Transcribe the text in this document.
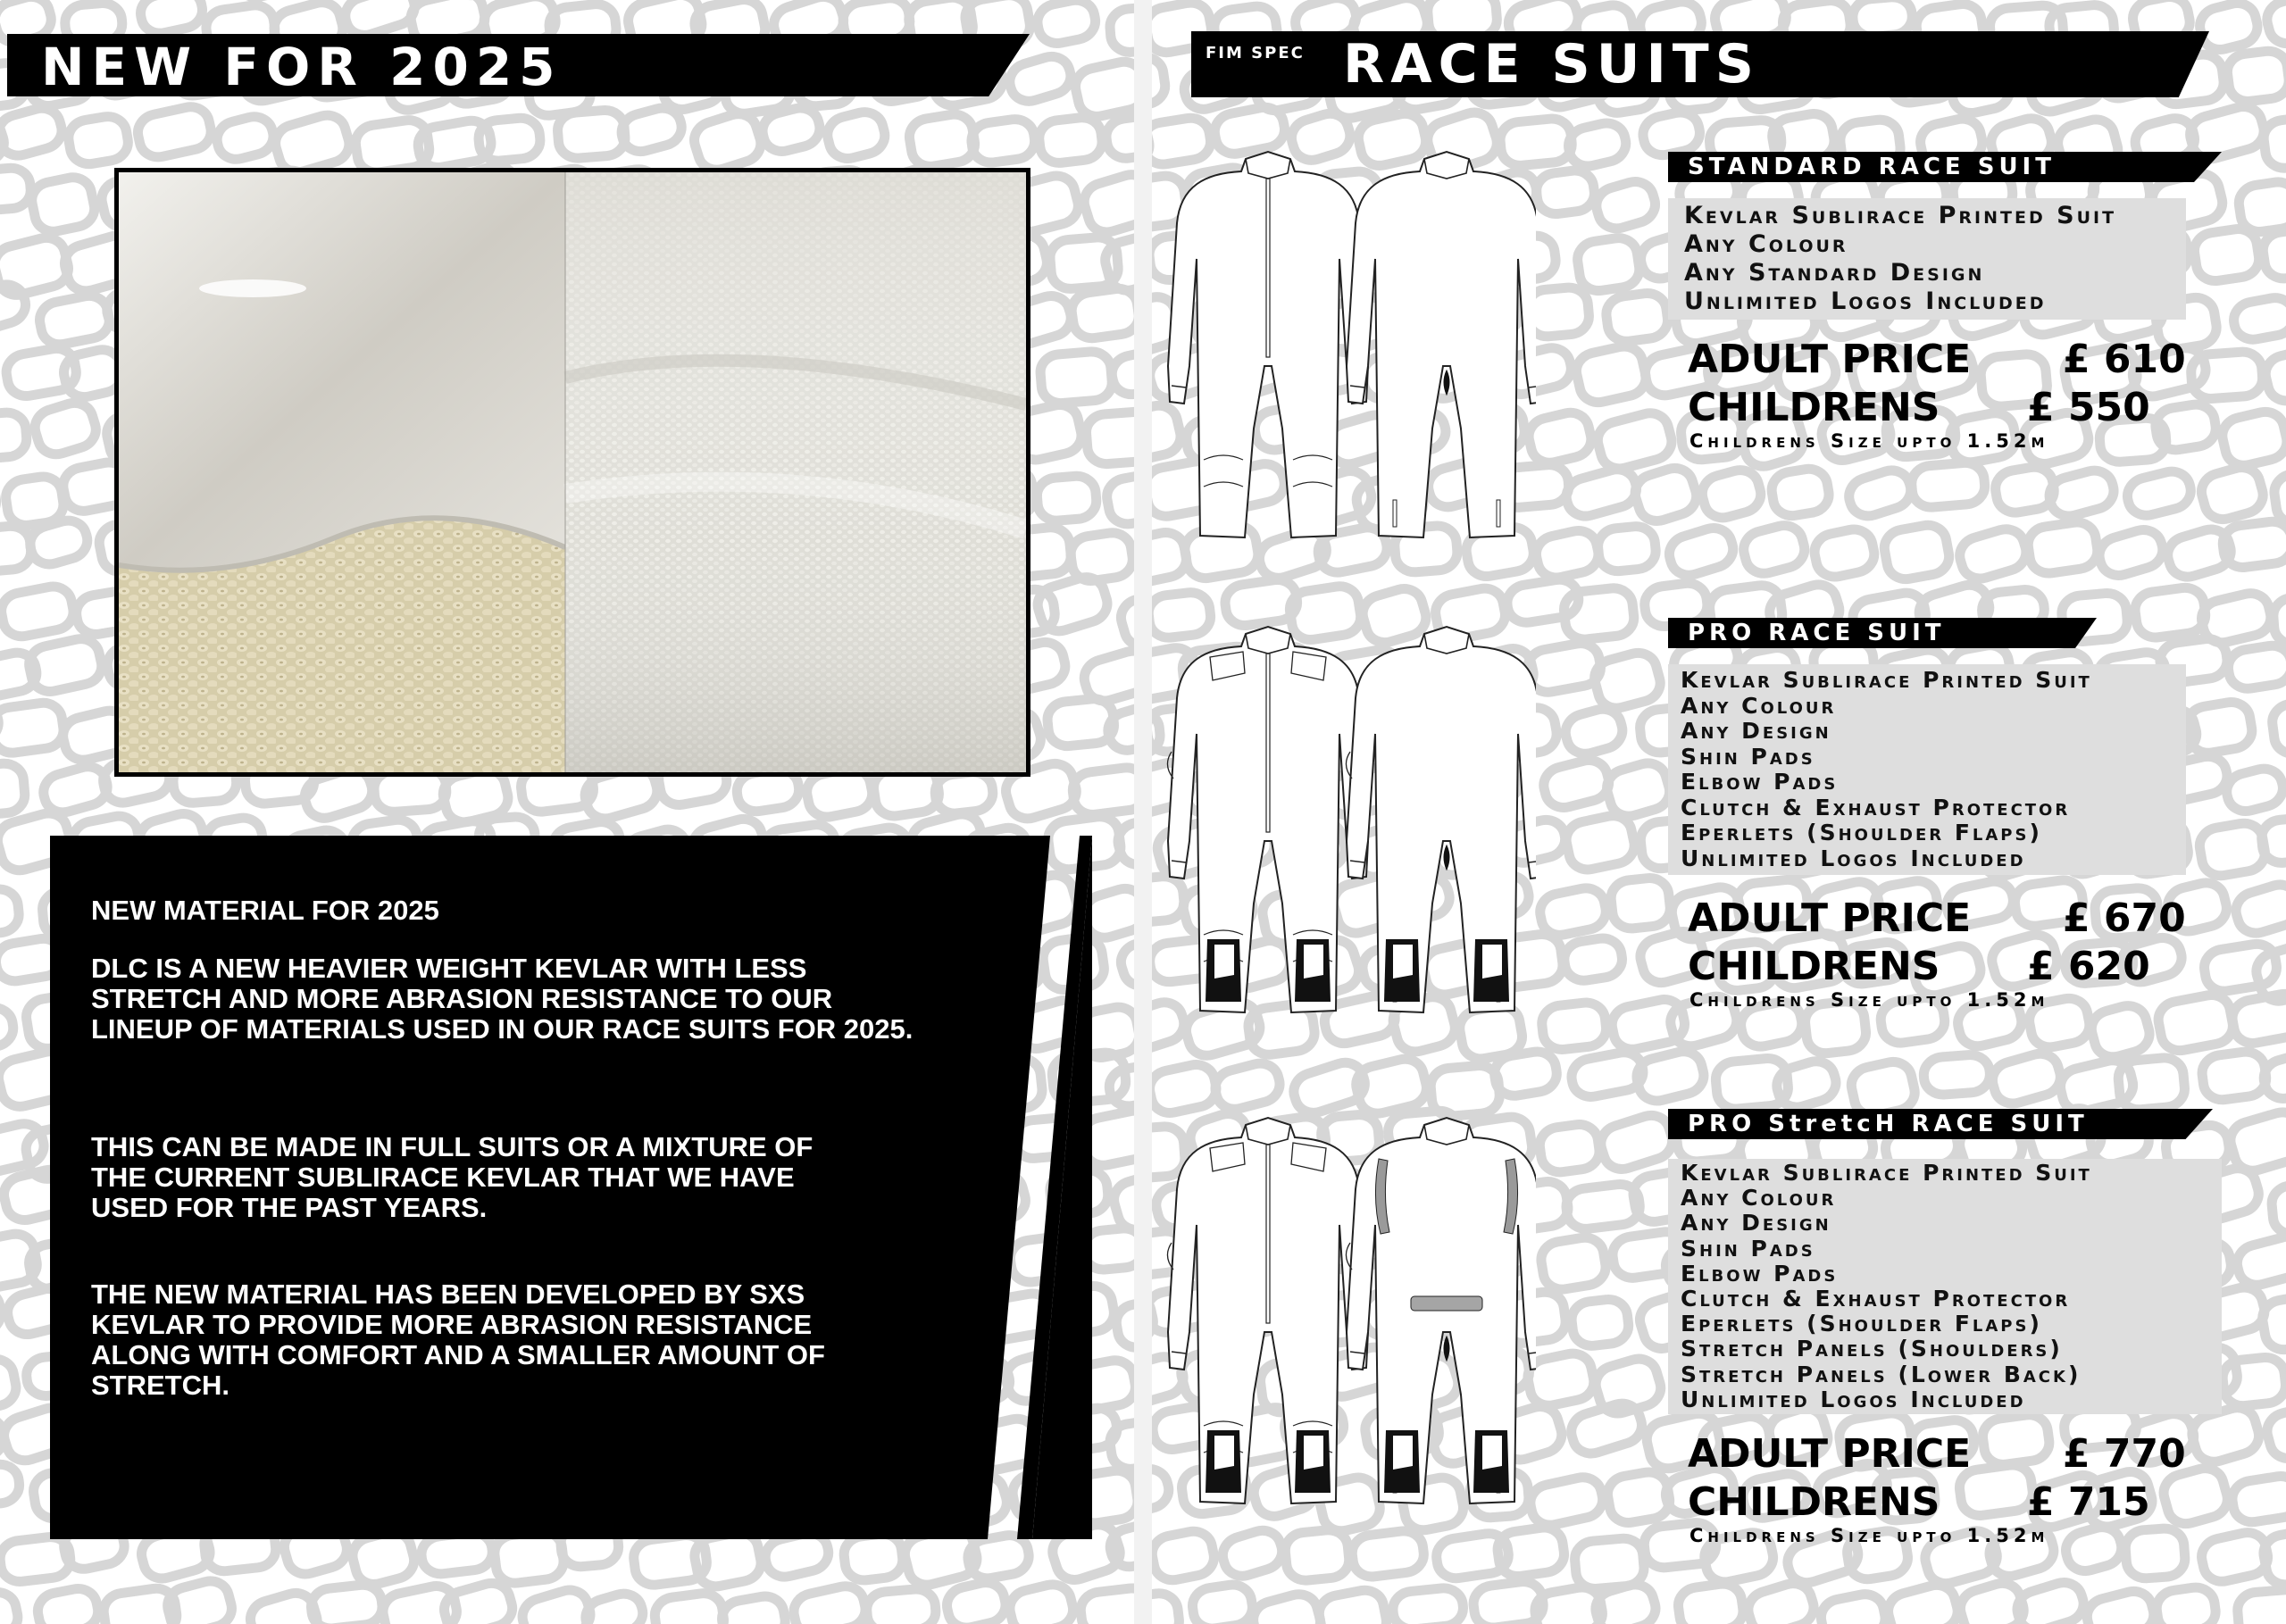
NEW FOR 2025
NEW MATERIAL FOR 2025
DLC IS A NEW HEAVIER WEIGHT KEVLAR WITH LESS STRETCH AND MORE ABRASION RESISTANCE TO OUR LINEUP OF MATERIALS USED IN OUR RACE SUITS FOR 2025.
THIS CAN BE MADE IN FULL SUITS OR A MIXTURE OF THE CURRENT SUBLIRACE KEVLAR THAT WE HAVE USED FOR THE PAST YEARS.
THE NEW MATERIAL HAS BEEN DEVELOPED BY SXS KEVLAR TO PROVIDE MORE ABRASION RESISTANCE ALONG WITH COMFORT AND A SMALLER AMOUNT OF STRETCH.
FIM SPEC RACE SUITS
STANDARD RACE SUIT
Kevlar Sublirace Printed Suit
Any Colour
Any Standard Design
Unlimited Logos Included
ADULT PRICE £ 610
CHILDRENS £ 550
Childrens Size upto 1.52m
PRO RACE SUIT
Kevlar Sublirace Printed Suit
Any Colour
Any Design
Shin Pads
Elbow Pads
Clutch & Exhaust Protector
Eperlets (Shoulder Flaps)
Unlimited Logos Included
ADULT PRICE £ 670
CHILDRENS £ 620
Childrens Size upto 1.52m
PRO StretcH RACE SUIT
Kevlar Sublirace Printed Suit
Any Colour
Any Design
Shin Pads
Elbow Pads
Clutch & Exhaust Protector
Eperlets (Shoulder Flaps)
Stretch Panels (Shoulders)
Stretch Panels (Lower Back)
Unlimited Logos Included
ADULT PRICE £ 770
CHILDRENS £ 715
Childrens Size upto 1.52m
